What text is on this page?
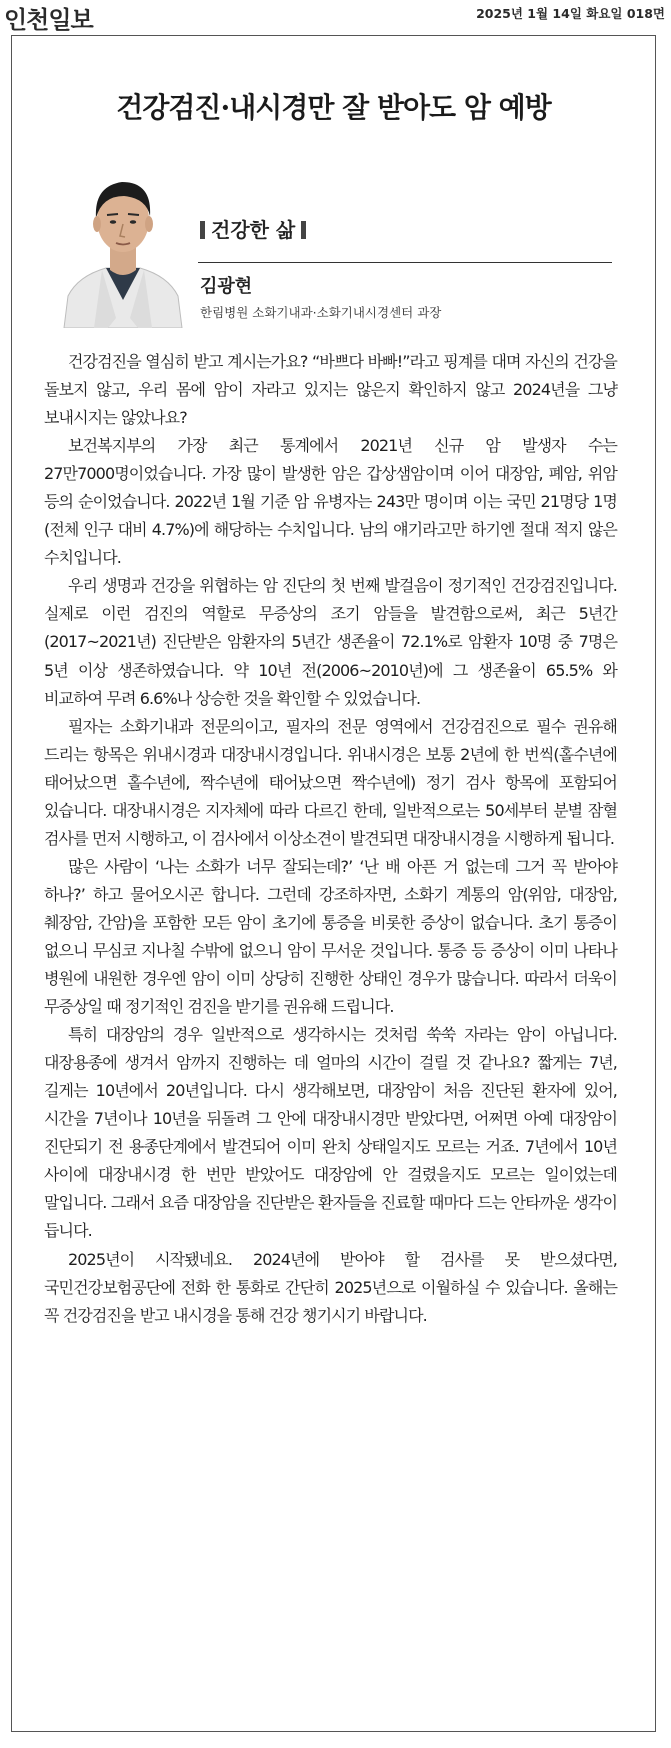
인천일보	2025년 1월 14일 화요일 018면
건강검진·내시경만 잘 받아도 암 예방
건강한 삶
김광현
한림병원 소화기내과·소화기내시경센터 과장

건강검진을 열심히 받고 계시는가요? “바쁘다 바빠!”라고 핑계를 대며 자신의 건강을 돌보지 않고, 우리 몸에 암이 자라고 있지는 않은지 확인하지 않고 2024년을 그냥 보내시지는 않았나요?

보건복지부의 가장 최근 통계에서 2021년 신규 암 발생자 수는 27만7000명이었습니다. 가장 많이 발생한 암은 갑상샘암이며 이어 대장암, 폐암, 위암 등의 순이었습니다. 2022년 1월 기준 암 유병자는 243만 명이며 이는 국민 21명당 1명 (전체 인구 대비 4.7%)에 해당하는 수치입니다. 남의 얘기라고만 하기엔 절대 적지 않은 수치입니다.

우리 생명과 건강을 위협하는 암 진단의 첫 번째 발걸음이 정기적인 건강검진입니다. 실제로 이런 검진의 역할로 무증상의 조기 암들을 발견함으로써, 최근 5년간(2017~2021년) 진단받은 암환자의 5년간 생존율이 72.1%로 암환자 10명 중 7명은 5년 이상 생존하였습니다. 약 10년 전(2006~2010년)에 그 생존율이 65.5% 와 비교하여 무려 6.6%나 상승한 것을 확인할 수 있었습니다.

필자는 소화기내과 전문의이고, 필자의 전문 영역에서 건강검진으로 필수 권유해 드리는 항목은 위내시경과 대장내시경입니다. 위내시경은 보통 2년에 한 번씩(홀수년에 태어났으면 홀수년에, 짝수년에 태어났으면 짝수년에) 정기 검사 항목에 포함되어 있습니다. 대장내시경은 지자체에 따라 다르긴 한데, 일반적으로는 50세부터 분별 잠혈 검사를 먼저 시행하고, 이 검사에서 이상소견이 발견되면 대장내시경을 시행하게 됩니다.

많은 사람이 ‘나는 소화가 너무 잘되는데?’ ‘난 배 아픈 거 없는데 그거 꼭 받아야 하나?’ 하고 물어오시곤 합니다. 그런데 강조하자면, 소화기 계통의 암(위암, 대장암, 췌장암, 간암)을 포함한 모든 암이 초기에 통증을 비롯한 증상이 없습니다. 초기 통증이 없으니 무심코 지나칠 수밖에 없으니 암이 무서운 것입니다. 통증 등 증상이 이미 나타나 병원에 내원한 경우엔 암이 이미 상당히 진행한 상태인 경우가 많습니다. 따라서 더욱이 무증상일 때 정기적인 검진을 받기를 권유해 드립니다.

특히 대장암의 경우 일반적으로 생각하시는 것처럼 쑥쑥 자라는 암이 아닙니다. 대장용종에 생겨서 암까지 진행하는 데 얼마의 시간이 걸릴 것 같나요? 짧게는 7년, 길게는 10년에서 20년입니다. 다시 생각해보면, 대장암이 처음 진단된 환자에 있어, 시간을 7년이나 10년을 뒤돌려 그 안에 대장내시경만 받았다면, 어쩌면 아예 대장암이 진단되기 전 용종단계에서 발견되어 이미 완치 상태일지도 모르는 거죠. 7년에서 10년 사이에 대장내시경 한 번만 받았어도 대장암에 안 걸렸을지도 모르는 일이었는데 말입니다. 그래서 요즘 대장암을 진단받은 환자들을 진료할 때마다 드는 안타까운 생각이 듭니다.

2025년이 시작됐네요. 2024년에 받아야 할 검사를 못 받으셨다면, 국민건강보험공단에 전화 한 통화로 간단히 2025년으로 이월하실 수 있습니다. 올해는 꼭 건강검진을 받고 내시경을 통해 건강 챙기시기 바랍니다.
